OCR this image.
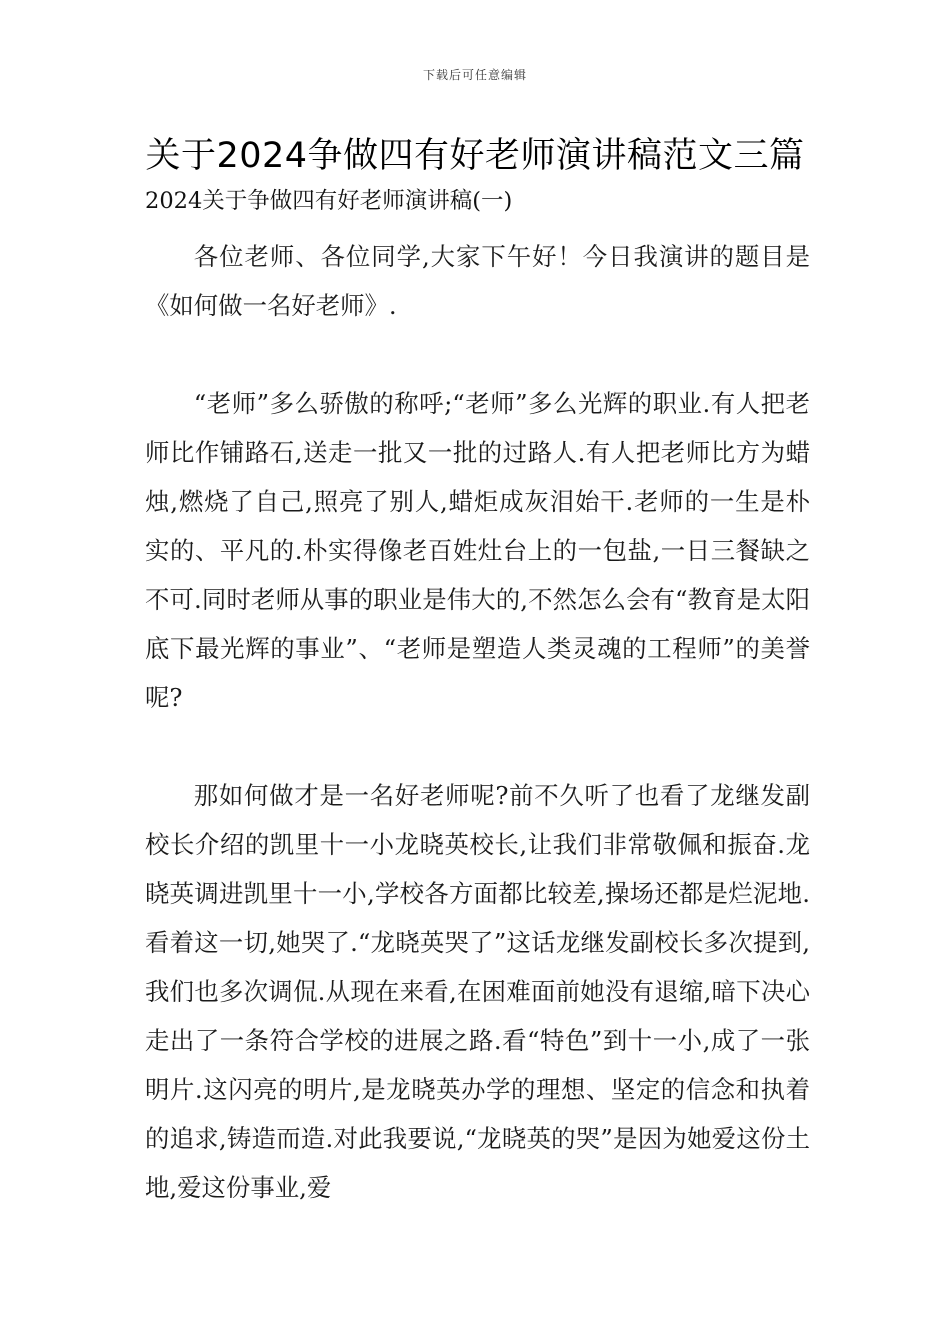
下载后可任意编辑
关于2024争做四有好老师演讲稿范文三篇

2024关于争做四有好老师演讲稿(一)

各位老师、各位同学,大家下午好！今日我演讲的题目是《如何做一名好老师》.

“老师”多么骄傲的称呼;“老师”多么光辉的职业.有人把老师比作铺路石,送走一批又一批的过路人.有人把老师比方为蜡烛,燃烧了自己,照亮了别人,蜡炬成灰泪始干.老师的一生是朴实的、平凡的.朴实得像老百姓灶台上的一包盐,一日三餐缺之不可.同时老师从事的职业是伟大的,不然怎么会有“教育是太阳底下最光辉的事业”、“老师是塑造人类灵魂的工程师”的美誉呢?

那如何做才是一名好老师呢?前不久听了也看了龙继发副校长介绍的凯里十一小龙晓英校长,让我们非常敬佩和振奋.龙晓英调进凯里十一小,学校各方面都比较差,操场还都是烂泥地.看着这一切,她哭了.“龙晓英哭了”这话龙继发副校长多次提到,我们也多次调侃.从现在来看,在困难面前她没有退缩,暗下决心走出了一条符合学校的进展之路.看“特色”到十一小,成了一张明片.这闪亮的明片,是龙晓英办学的理想、坚定的信念和执着的追求,铸造而造.对此我要说,“龙晓英的哭”是因为她爱这份土地,爱这份事业,爱
